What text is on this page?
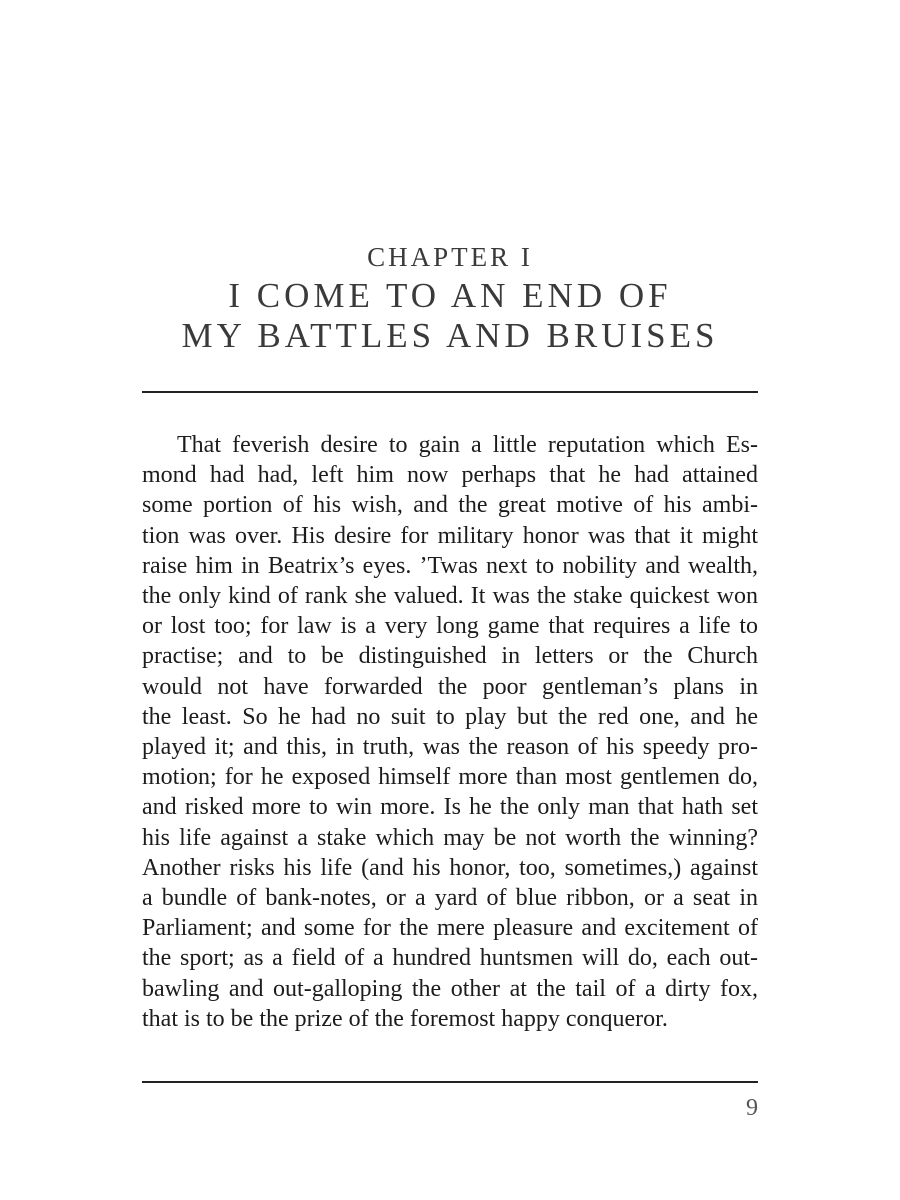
CHAPTER I
I COME TO AN END OF
MY BATTLES AND BRUISES

That feverish desire to gain a little reputation which Es-
mond had had, left him now perhaps that he had attained
some portion of his wish, and the great motive of his ambi-
tion was over. His desire for military honor was that it might
raise him in Beatrix’s eyes. ’Twas next to nobility and wealth,
the only kind of rank she valued. It was the stake quickest won
or lost too; for law is a very long game that requires a life to
practise; and to be distinguished in letters or the Church
would not have forwarded the poor gentleman’s plans in
the least. So he had no suit to play but the red one, and he
played it; and this, in truth, was the reason of his speedy pro-
motion; for he exposed himself more than most gentlemen do,
and risked more to win more. Is he the only man that hath set
his life against a stake which may be not worth the winning?
Another risks his life (and his honor, too, sometimes,) against
a bundle of bank-notes, or a yard of blue ribbon, or a seat in
Parliament; and some for the mere pleasure and excitement of
the sport; as a field of a hundred huntsmen will do, each out-
bawling and out-galloping the other at the tail of a dirty fox,
that is to be the prize of the foremost happy conqueror.

9
